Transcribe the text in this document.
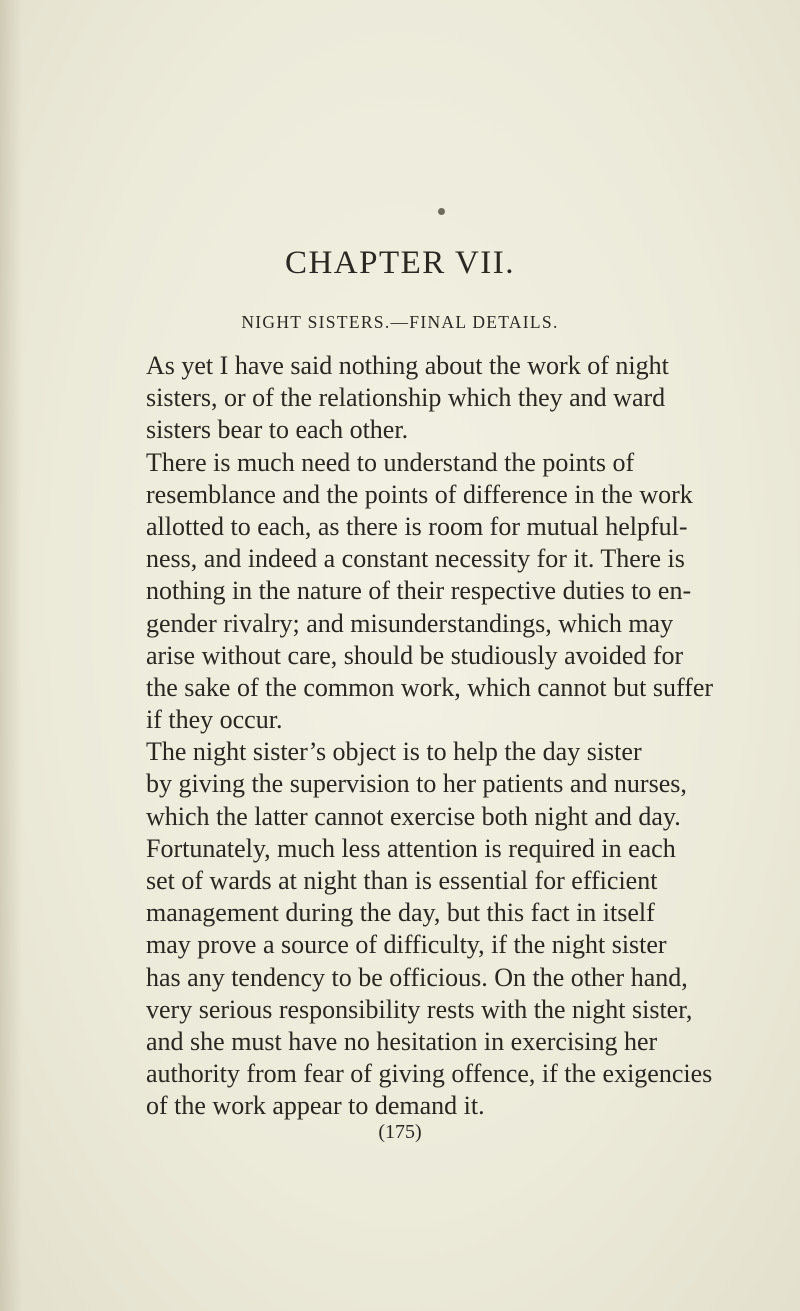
CHAPTER VII.
NIGHT SISTERS.—FINAL DETAILS.
As yet I have said nothing about the work of night
sisters, or of the relationship which they and ward
sisters bear to each other.
There is much need to understand the points of
resemblance and the points of difference in the work
allotted to each, as there is room for mutual helpful-
ness, and indeed a constant necessity for it. There is
nothing in the nature of their respective duties to en-
gender rivalry; and misunderstandings, which may
arise without care, should be studiously avoided for
the sake of the common work, which cannot but suffer
if they occur.
The night sister’s object is to help the day sister
by giving the supervision to her patients and nurses,
which the latter cannot exercise both night and day.
Fortunately, much less attention is required in each
set of wards at night than is essential for efficient
management during the day, but this fact in itself
may prove a source of difficulty, if the night sister
has any tendency to be officious. On the other hand,
very serious responsibility rests with the night sister,
and she must have no hesitation in exercising her
authority from fear of giving offence, if the exigencies
of the work appear to demand it.
(175)
